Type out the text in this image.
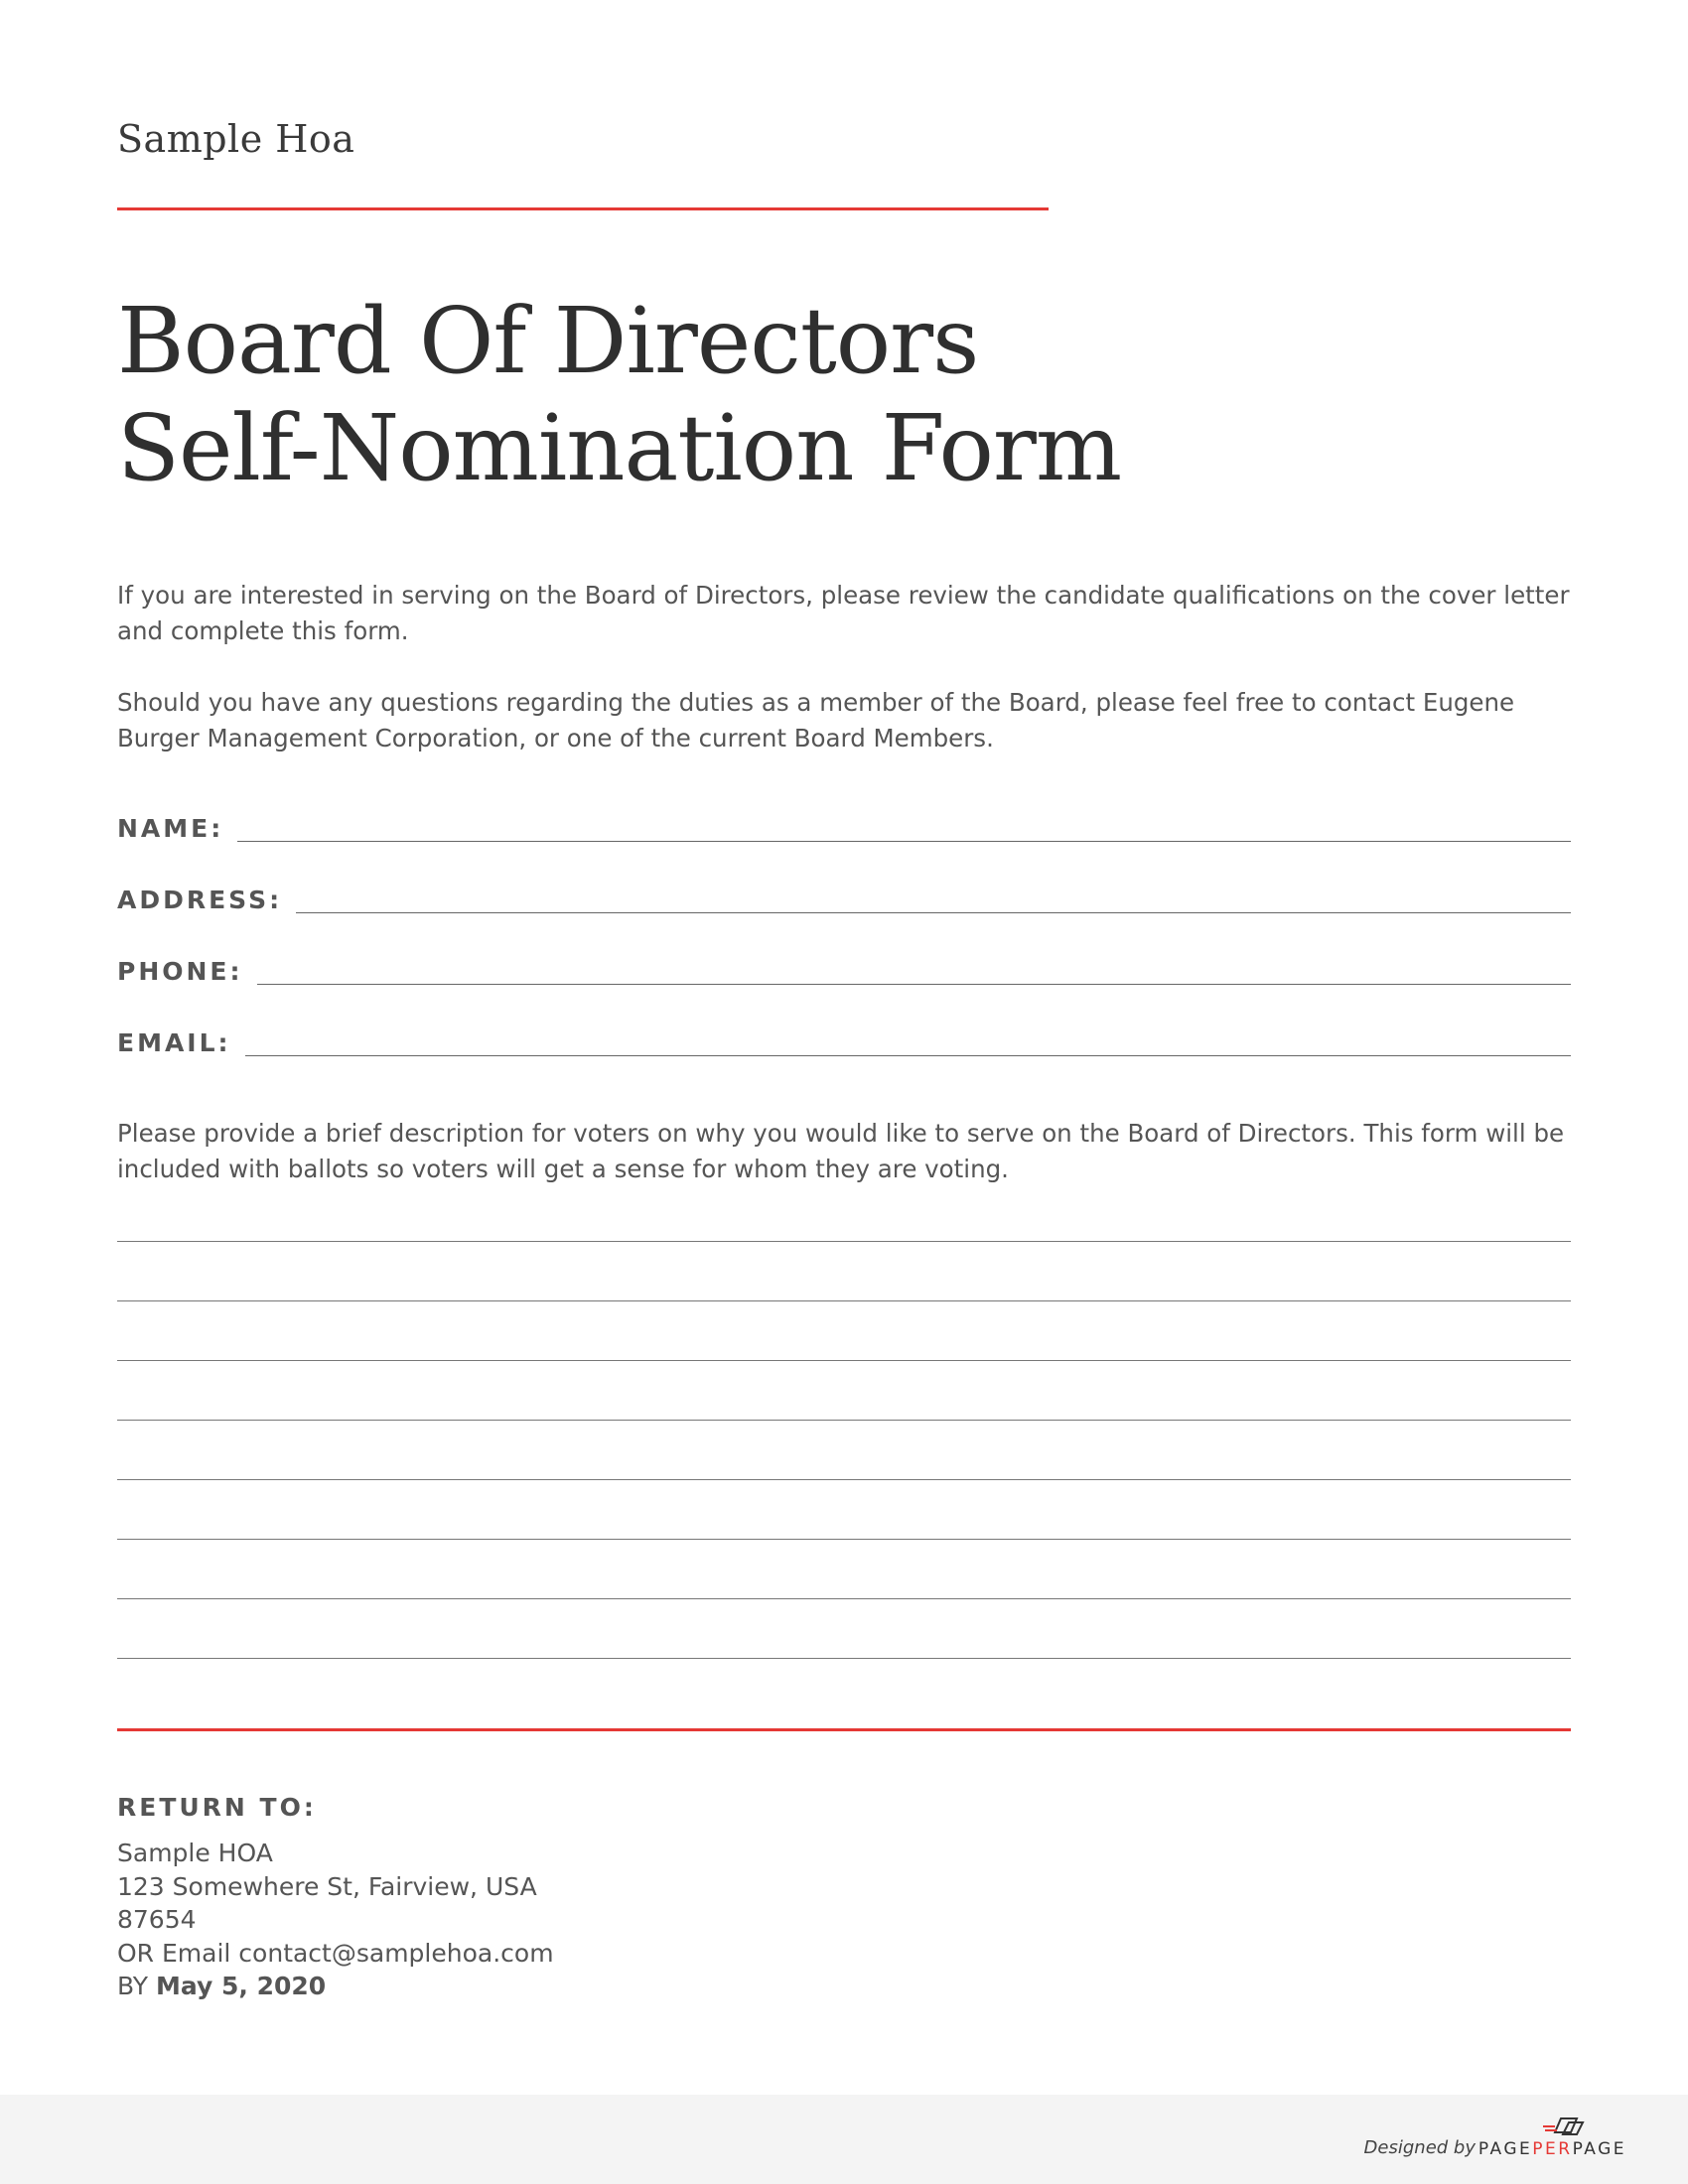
Sample Hoa
Board Of Directors
Self-Nomination Form
If you are interested in serving on the Board of Directors, please review the candidate qualifications on the cover letter and complete this form.
Should you have any questions regarding the duties as a member of the Board, please feel free to contact Eugene Burger Management Corporation, or one of the current Board Members.
NAME:
ADDRESS:
PHONE:
EMAIL:
Please provide a brief description for voters on why you would like to serve on the Board of Directors. This form will be included with ballots so voters will get a sense for whom they are voting.
RETURN TO:
Sample HOA
123 Somewhere St, Fairview, USA
87654
OR Email contact@samplehoa.com
BY May 5, 2020
Designed by PAGEPERPAGE
